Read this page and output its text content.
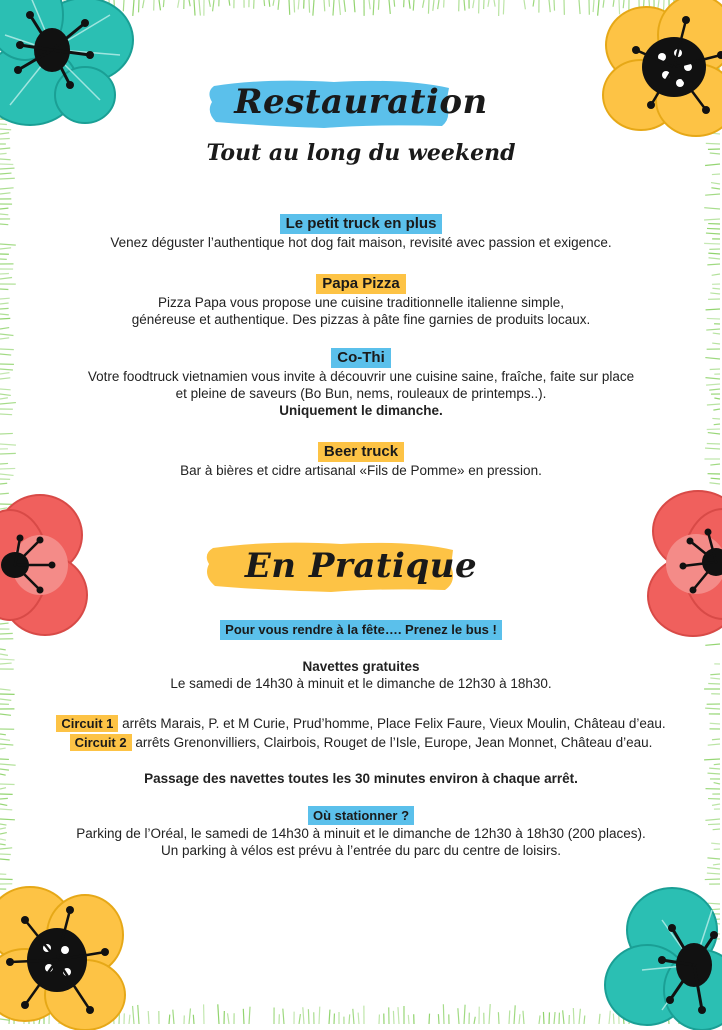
Restauration
Tout au long du weekend
Le petit truck en plus
Venez déguster l’authentique hot dog fait maison, revisité avec passion et exigence.
Papa Pizza
Pizza Papa vous propose une cuisine traditionnelle italienne simple,
généreuse et authentique. Des pizzas à pâte fine garnies de produits locaux.
Co-Thi
Votre foodtruck vietnamien vous invite à découvrir une cuisine saine, fraîche, faite sur place
et pleine de saveurs (Bo Bun, nems, rouleaux de printemps..).
Uniquement le dimanche.
Beer truck
Bar à bières et cidre artisanal «Fils de Pomme» en pression.
En Pratique
Pour vous rendre à la fête…. Prenez le bus !
Navettes gratuites
Le samedi de 14h30 à minuit et le dimanche de 12h30 à 18h30.
Circuit 1 arrêts Marais, P. et M Curie, Prud’homme, Place Felix Faure, Vieux Moulin, Château d’eau.
Circuit 2 arrêts Grenonvilliers, Clairbois, Rouget de l’Isle, Europe, Jean Monnet, Château d’eau.
Passage des navettes toutes les 30 minutes environ à chaque arrêt.
Où stationner ?
Parking de l’Oréal, le samedi de 14h30 à minuit et le dimanche de 12h30 à 18h30 (200 places).
Un parking à vélos est prévu à l’entrée du parc du centre de loisirs.
